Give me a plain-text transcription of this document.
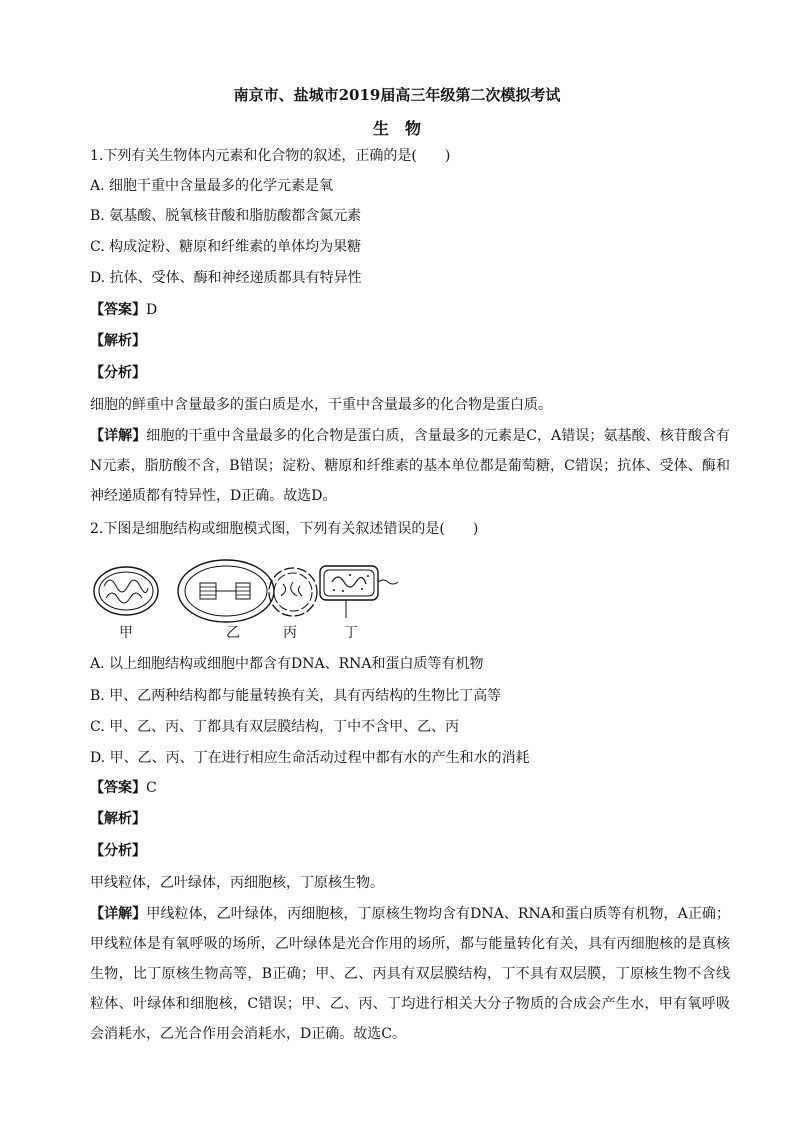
南京市、盐城市2019届高三年级第二次模拟考试
生　物
1.下列有关生物体内元素和化合物的叙述，正确的是(　　)
A. 细胞干重中含量最多的化学元素是氧
B. 氨基酸、脱氧核苷酸和脂肪酸都含氮元素
C. 构成淀粉、糖原和纤维素的单体均为果糖
D. 抗体、受体、酶和神经递质都具有特异性
【答案】D
【解析】
【分析】
细胞的鲜重中含量最多的蛋白质是水，干重中含量最多的化合物是蛋白质。
【详解】细胞的干重中含量最多的化合物是蛋白质，含量最多的元素是C，A错误；氨基酸、核苷酸含有N元素，脂肪酸不含，B错误；淀粉、糖原和纤维素的基本单位都是葡萄糖，C错误；抗体、受体、酶和神经递质都有特异性，D正确。故选D。
2.下图是细胞结构或细胞模式图，下列有关叙述错误的是(　　)
甲	乙	丙	丁
A. 以上细胞结构或细胞中都含有DNA、RNA和蛋白质等有机物
B. 甲、乙两种结构都与能量转换有关，具有丙结构的生物比丁高等
C. 甲、乙、丙、丁都具有双层膜结构，丁中不含甲、乙、丙
D. 甲、乙、丙、丁在进行相应生命活动过程中都有水的产生和水的消耗
【答案】C
【解析】
【分析】
甲线粒体，乙叶绿体，丙细胞核，丁原核生物。
【详解】甲线粒体，乙叶绿体，丙细胞核，丁原核生物均含有DNA、RNA和蛋白质等有机物，A正确；甲线粒体是有氧呼吸的场所，乙叶绿体是光合作用的场所，都与能量转化有关，具有丙细胞核的是真核生物，比丁原核生物高等，B正确；甲、乙、丙具有双层膜结构，丁不具有双层膜，丁原核生物不含线粒体、叶绿体和细胞核，C错误；甲、乙、丙、丁均进行相关大分子物质的合成会产生水，甲有氧呼吸会消耗水，乙光合作用会消耗水，D正确。故选C。
